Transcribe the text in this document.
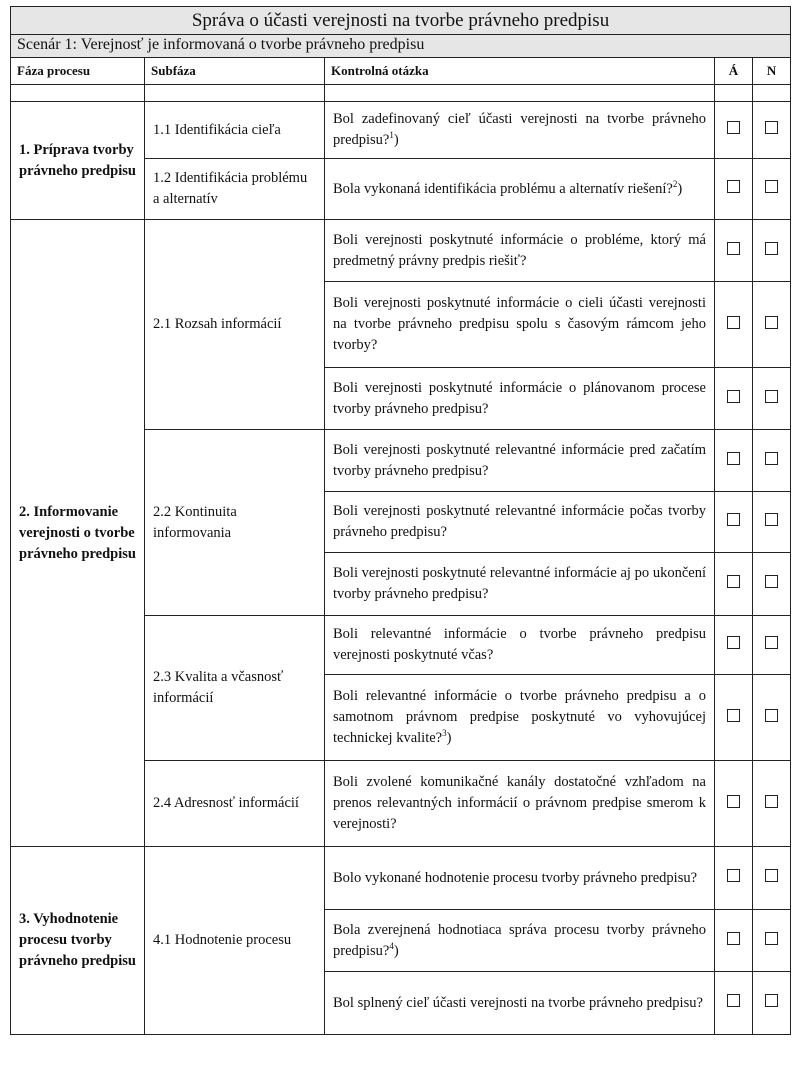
Správa o účasti verejnosti na tvorbe právneho predpisu				
Scenár 1: Verejnosť je informovaná o tvorbe právneho predpisu				
Fáza procesu	Subfáza	Kontrolná otázka	Á	N

1. Príprava tvorby právneho predpisu	1.1 Identifikácia cieľa	Bol zadefinovaný cieľ účasti verejnosti na tvorbe právneho predpisu?$^1$)		
	1.2 Identifikácia problému a alternatív	Bola vykonaná identifikácia problému a alternatív riešení?$^2$)		
2. Informovanie verejnosti o tvorbe právneho predpisu	2.1 Rozsah informácií	Boli verejnosti poskytnuté informácie o probléme, ktorý má predmetný právny predpis riešiť?		
		Boli verejnosti poskytnuté informácie o cieli účasti verejnosti na tvorbe právneho predpisu spolu s časovým rámcom jeho tvorby?		
		Boli verejnosti poskytnuté informácie o plánovanom procese tvorby právneho predpisu?		
	2.2 Kontinuita informovania	Boli verejnosti poskytnuté relevantné informácie pred začatím tvorby právneho predpisu?		
		Boli verejnosti poskytnuté relevantné informácie počas tvorby právneho predpisu?		
		Boli verejnosti poskytnuté relevantné informácie aj po ukončení tvorby právneho predpisu?		
	2.3 Kvalita a včasnosť informácií	Boli relevantné informácie o tvorbe právneho predpisu verejnosti poskytnuté včas?		
		Boli relevantné informácie o tvorbe právneho predpisu a o samotnom právnom predpise poskytnuté vo vyhovujúcej technickej kvalite?$^3$)		
	2.4 Adresnosť informácií	Boli zvolené komunikačné kanály dostatočné vzhľadom na prenos relevantných informácií o právnom predpise smerom k verejnosti?		
3. Vyhodnotenie procesu tvorby právneho predpisu	4.1 Hodnotenie procesu	Bolo vykonané hodnotenie procesu tvorby právneho predpisu?		
		Bola zverejnená hodnotiaca správa procesu tvorby právneho predpisu?$^4$)		
		Bol splnený cieľ účasti verejnosti na tvorbe právneho predpisu?		
